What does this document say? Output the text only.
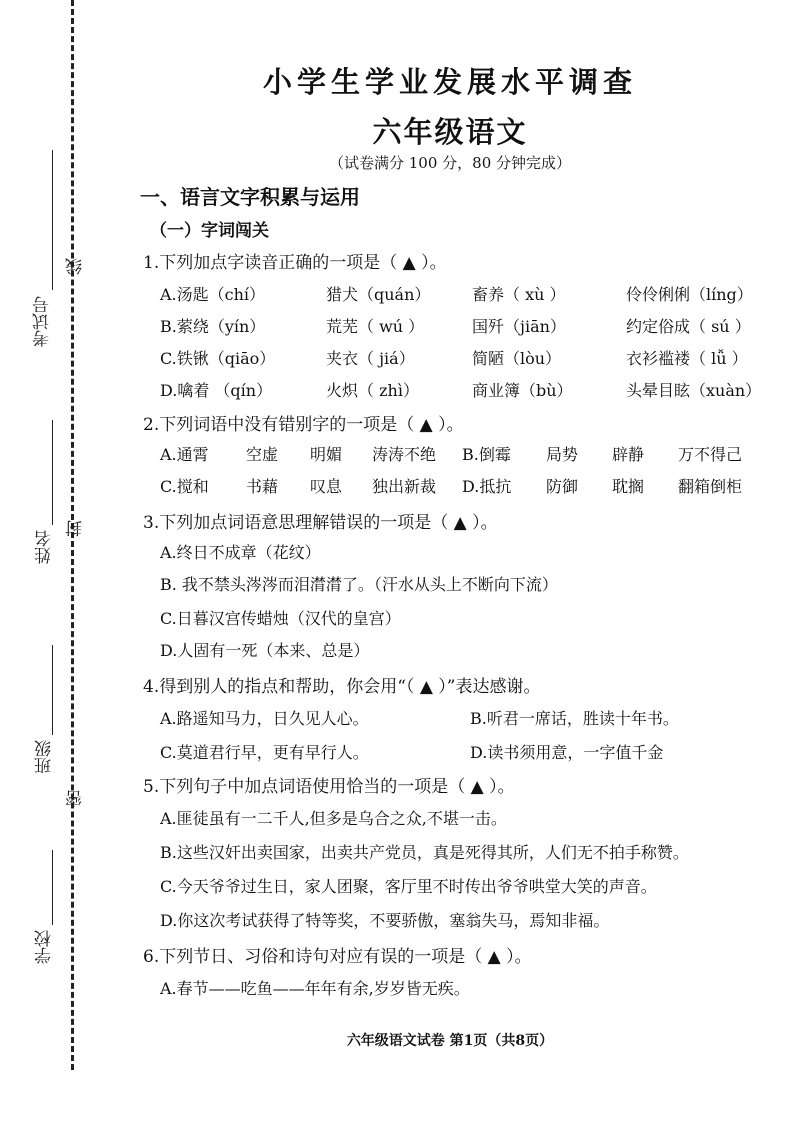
考试号
线
姓名
封
班级
密
学校
小学生学业发展水平调查
六年级语文
（试卷满分 100 分，80 分钟完成）
一、语言文字积累与运用
（一）字词闯关
1.下列加点字读音正确的一项是（ ▲ ）。
A.汤匙（chí）	猎犬（quán）	畜养（ xù ）	伶伶俐俐（líng）
B.萦绕（yín）	荒芜（ wú ）	国歼（jiān）	约定俗成（ sú ）
C.铁锹（qiāo）	夹衣（ jiá）	简陋（lòu）	衣衫褴褛（ lǚ ）
D.噙着 （qín）	火炽（ zhì）	商业簿（bù）	头晕目眩（xuàn）
2.下列词语中没有错别字的一项是（ ▲ ）。
A.通霄 空虚 明媚 涛涛不绝 B.倒霉 局势 辟静 万不得己
C.搅和 书藉 叹息 独出新裁 D.抵抗 防御 耽搁 翻箱倒柜
3.下列加点词语意思理解错误的一项是（ ▲ ）。
A.终日不成章（花纹）
B. 我不禁头涔涔而泪潸潸了。（汗水从头上不断向下流）
C.日暮汉宫传蜡烛（汉代的皇宫）
D.人固有一死（本来、总是）
4.得到别人的指点和帮助，你会用“（ ▲ ）”表达感谢。
A.路遥知马力，日久见人心。	B.听君一席话，胜读十年书。
C.莫道君行早，更有早行人。	D.读书须用意，一字值千金
5.下列句子中加点词语使用恰当的一项是（ ▲ ）。
A.匪徒虽有一二千人,但多是乌合之众,不堪一击。
B.这些汉奸出卖国家，出卖共产党员，真是死得其所，人们无不拍手称赞。
C.今天爷爷过生日，家人团聚，客厅里不时传出爷爷哄堂大笑的声音。
D.你这次考试获得了特等奖，不要骄傲，塞翁失马，焉知非福。
6.下列节日、习俗和诗句对应有误的一项是（ ▲ ）。
A.春节——吃鱼——年年有余,岁岁皆无疾。
六年级语文试卷 第1页（共8页）
